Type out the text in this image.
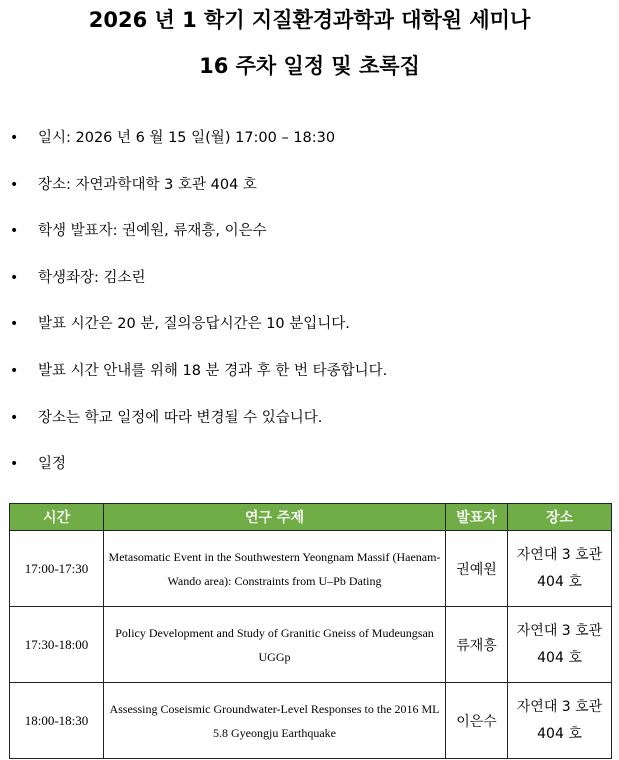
2026 년 1 학기 지질환경과학과 대학원 세미나
16 주차 일정 및 초록집
• 일시: 2026 년 6 월 15 일(월) 17:00 – 18:30
• 장소: 자연과학대학 3 호관 404 호
• 학생 발표자: 권예원, 류재흥, 이은수
• 학생좌장: 김소린
• 발표 시간은 20 분, 질의응답시간은 10 분입니다.
• 발표 시간 안내를 위해 18 분 경과 후 한 번 타종합니다.
• 장소는 학교 일정에 따라 변경될 수 있습니다.
• 일정
시간	연구 주제	발표자	장소
17:00-17:30	Metasomatic Event in the Southwestern Yeongnam Massif (Haenam-Wando area): Constraints from U–Pb Dating	권예원	자연대 3 호관
404 호

17:30-18:00	Policy Development and Study of Granitic Gneiss of Mudeungsan UGGp	류재흥	자연대 3 호관
404 호

18:00-18:30	Assessing Coseismic Groundwater-Level Responses to the 2016 ML 5.8 Gyeongju Earthquake	이은수	자연대 3 호관
404 호
